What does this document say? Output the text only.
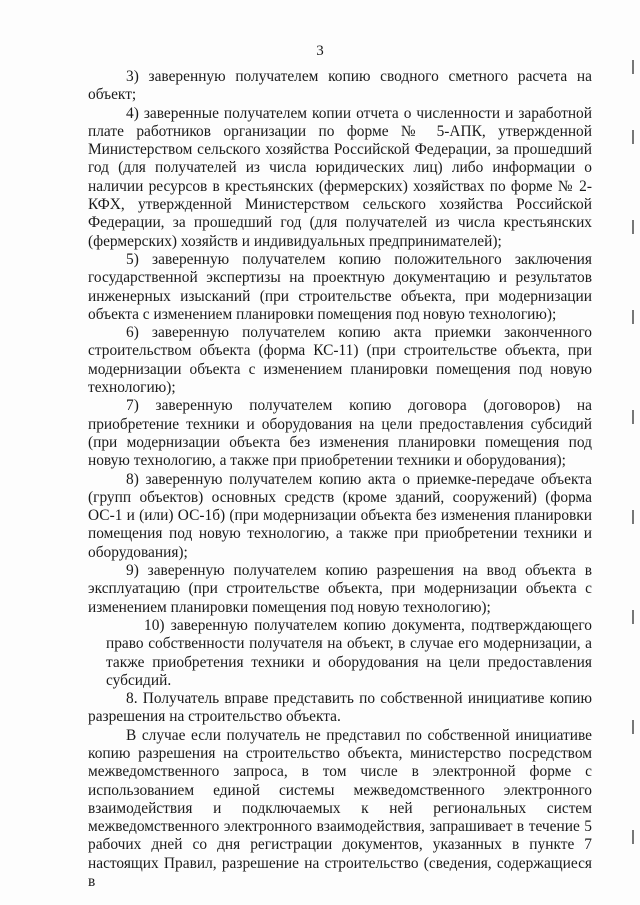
3

3) заверенную получателем копию сводного сметного расчета на объект;

4) заверенные получателем копии отчета о численности и заработной плате работников организации по форме № 5-АПК, утвержденной Министерством сельского хозяйства Российской Федерации, за прошедший год (для получателей из числа юридических лиц) либо информации о наличии ресурсов в крестьянских (фермерских) хозяйствах по форме № 2-КФХ, утвержденной Министерством сельского хозяйства Российской Федерации, за прошедший год (для получателей из числа крестьянских (фермерских) хозяйств и индивидуальных предпринимателей);

5) заверенную получателем копию положительного заключения государственной экспертизы на проектную документацию и результатов инженерных изысканий (при строительстве объекта, при модернизации объекта с изменением планировки помещения под новую технологию);

6) заверенную получателем копию акта приемки законченного строительством объекта (форма КС-11) (при строительстве объекта, при модернизации объекта с изменением планировки помещения под новую технологию);

7) заверенную получателем копию договора (договоров) на приобретение техники и оборудования на цели предоставления субсидий (при модернизации объекта без изменения планировки помещения под новую технологию, а также при приобретении техники и оборудования);

8) заверенную получателем копию акта о приемке-передаче объекта (групп объектов) основных средств (кроме зданий, сооружений) (форма ОС-1 и (или) ОС-1б) (при модернизации объекта без изменения планировки помещения под новую технологию, а также при приобретении техники и оборудования);

9) заверенную получателем копию разрешения на ввод объекта в эксплуатацию (при строительстве объекта, при модернизации объекта с изменением планировки помещения под новую технологию);

10) заверенную получателем копию документа, подтверждающего право собственности получателя на объект, в случае его модернизации, а также приобретения техники и оборудования на цели предоставления субсидий.

8. Получатель вправе представить по собственной инициативе копию разрешения на строительство объекта.

В случае если получатель не представил по собственной инициативе копию разрешения на строительство объекта, министерство посредством межведомственного запроса, в том числе в электронной форме с использованием единой системы межведомственного электронного взаимодействия и подключаемых к ней региональных систем межведомственного электронного взаимодействия, запрашивает в течение 5 рабочих дней со дня регистрации документов, указанных в пункте 7 настоящих Правил, разрешение на строительство (сведения, содержащиеся в
